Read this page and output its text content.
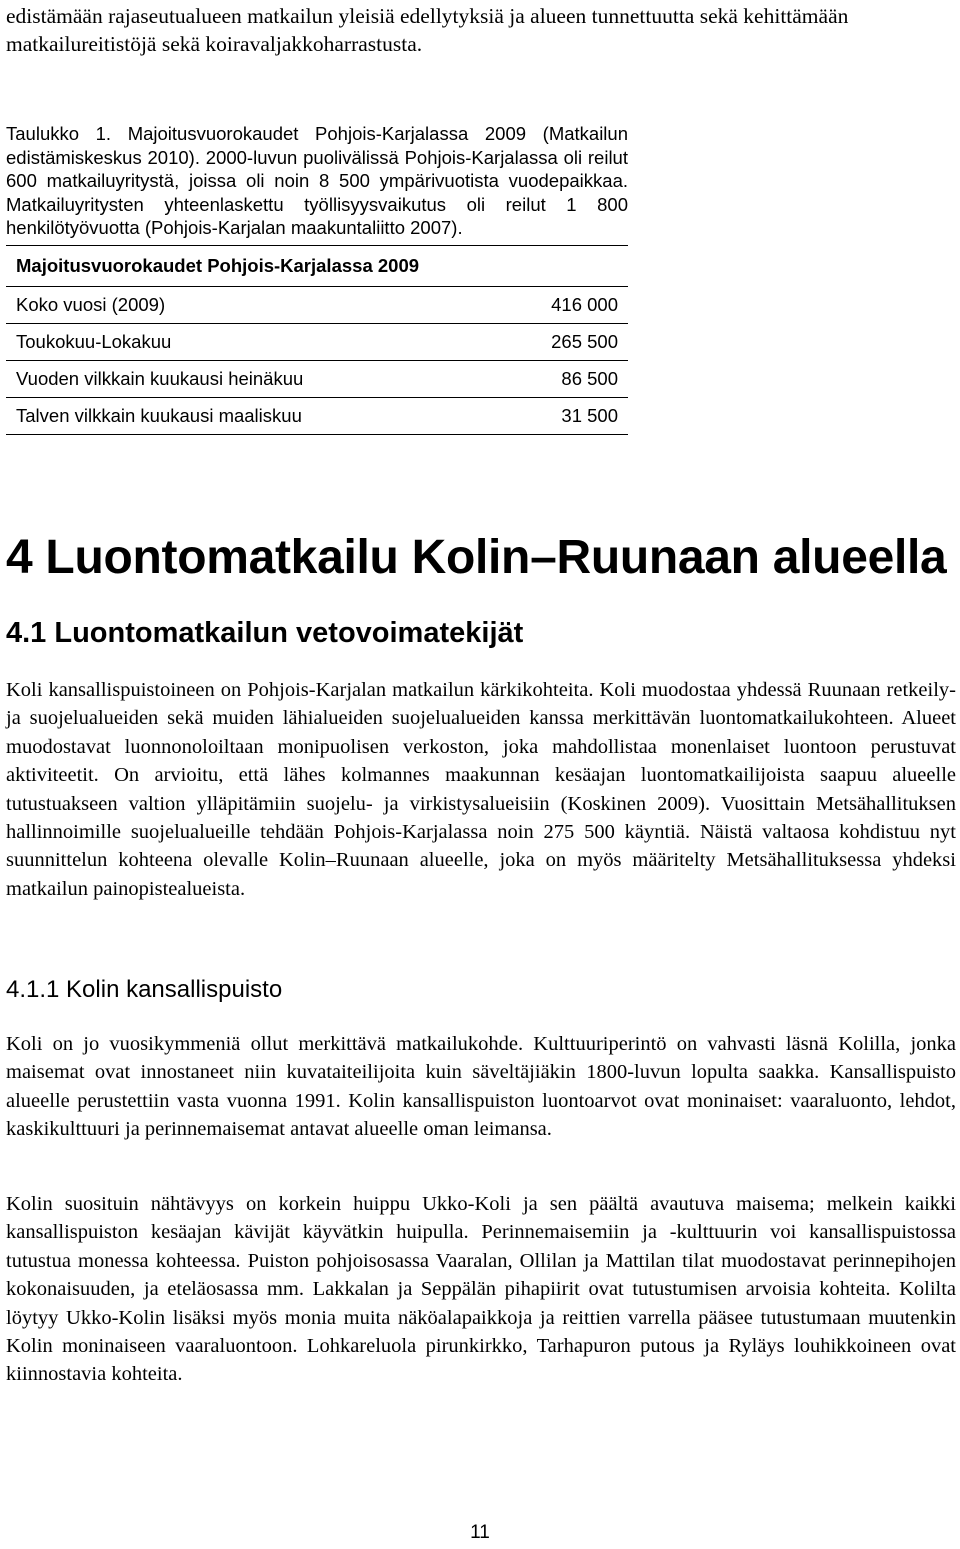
edistämään rajaseutualueen matkailun yleisiä edellytyksiä ja alueen tunnettuutta sekä kehittämään matkailureitistöjä sekä koiravaljakkoharrastusta.

Taulukko 1. Majoitusvuorokaudet Pohjois-Karjalassa 2009 (Matkailun edistämiskeskus 2010). 2000-luvun puolivälissä Pohjois-Karjalassa oli reilut 600 matkailuyritystä, joissa oli noin 8 500 ympärivuotista vuodepaikkaa. Matkailuyritysten yhteenlaskettu työllisyysvaikutus oli reilut 1 800 henkilötyövuotta (Pohjois-Karjalan maakuntaliitto 2007).

Majoitusvuorokaudet Pohjois-Karjalassa 2009	
Koko vuosi (2009)	416 000
Toukokuu-Lokakuu	265 500
Vuoden vilkkain kuukausi heinäkuu	86 500
Talven vilkkain kuukausi maaliskuu	31 500
4 Luontomatkailu Kolin–Ruunaan alueella
4.1 Luontomatkailun vetovoimatekijät

Koli kansallispuistoineen on Pohjois-Karjalan matkailun kärkikohteita. Koli muodostaa yhdessä Ruunaan retkeily- ja suojelualueiden sekä muiden lähialueiden suojelualueiden kanssa merkittävän luontomatkailukohteen. Alueet muodostavat luonnonoloiltaan monipuolisen verkoston, joka mahdollistaa monenlaiset luontoon perustuvat aktiviteetit. On arvioitu, että lähes kolmannes maakunnan kesäajan luontomatkailijoista saapuu alueelle tutustuakseen valtion ylläpitämiin suojelu- ja virkistysalueisiin (Koskinen 2009). Vuosittain Metsähallituksen hallinnoimille suojelualueille tehdään Pohjois-Karjalassa noin 275 500 käyntiä. Näistä valtaosa kohdistuu nyt suunnittelun kohteena olevalle Kolin–Ruunaan alueelle, joka on myös määritelty Metsähallituksessa yhdeksi matkailun painopistealueista.

4.1.1 Kolin kansallispuisto

Koli on jo vuosikymmeniä ollut merkittävä matkailukohde. Kulttuuriperintö on vahvasti läsnä Kolilla, jonka maisemat ovat innostaneet niin kuvataiteilijoita kuin säveltäjiäkin 1800-luvun lopulta saakka. Kansallispuisto alueelle perustettiin vasta vuonna 1991. Kolin kansallispuiston luontoarvot ovat moninaiset: vaaraluonto, lehdot, kaskikulttuuri ja perinnemaisemat antavat alueelle oman leimansa.

Kolin suosituin nähtävyys on korkein huippu Ukko-Koli ja sen päältä avautuva maisema; melkein kaikki kansallispuiston kesäajan kävijät käyvätkin huipulla. Perinnemaisemiin ja -kulttuurin voi kansallispuistossa tutustua monessa kohteessa. Puiston pohjoisosassa Vaaralan, Ollilan ja Mattilan tilat muodostavat perinnepihojen kokonaisuuden, ja eteläosassa mm. Lakkalan ja Seppälän pihapiirit ovat tutustumisen arvoisia kohteita. Kolilta löytyy Ukko-Kolin lisäksi myös monia muita näköalapaikkoja ja reittien varrella pääsee tutustumaan muutenkin Kolin moninaiseen vaaraluontoon. Lohkareluola pirunkirkko, Tarhapuron putous ja Ryläys louhikkoineen ovat kiinnostavia kohteita.

11
